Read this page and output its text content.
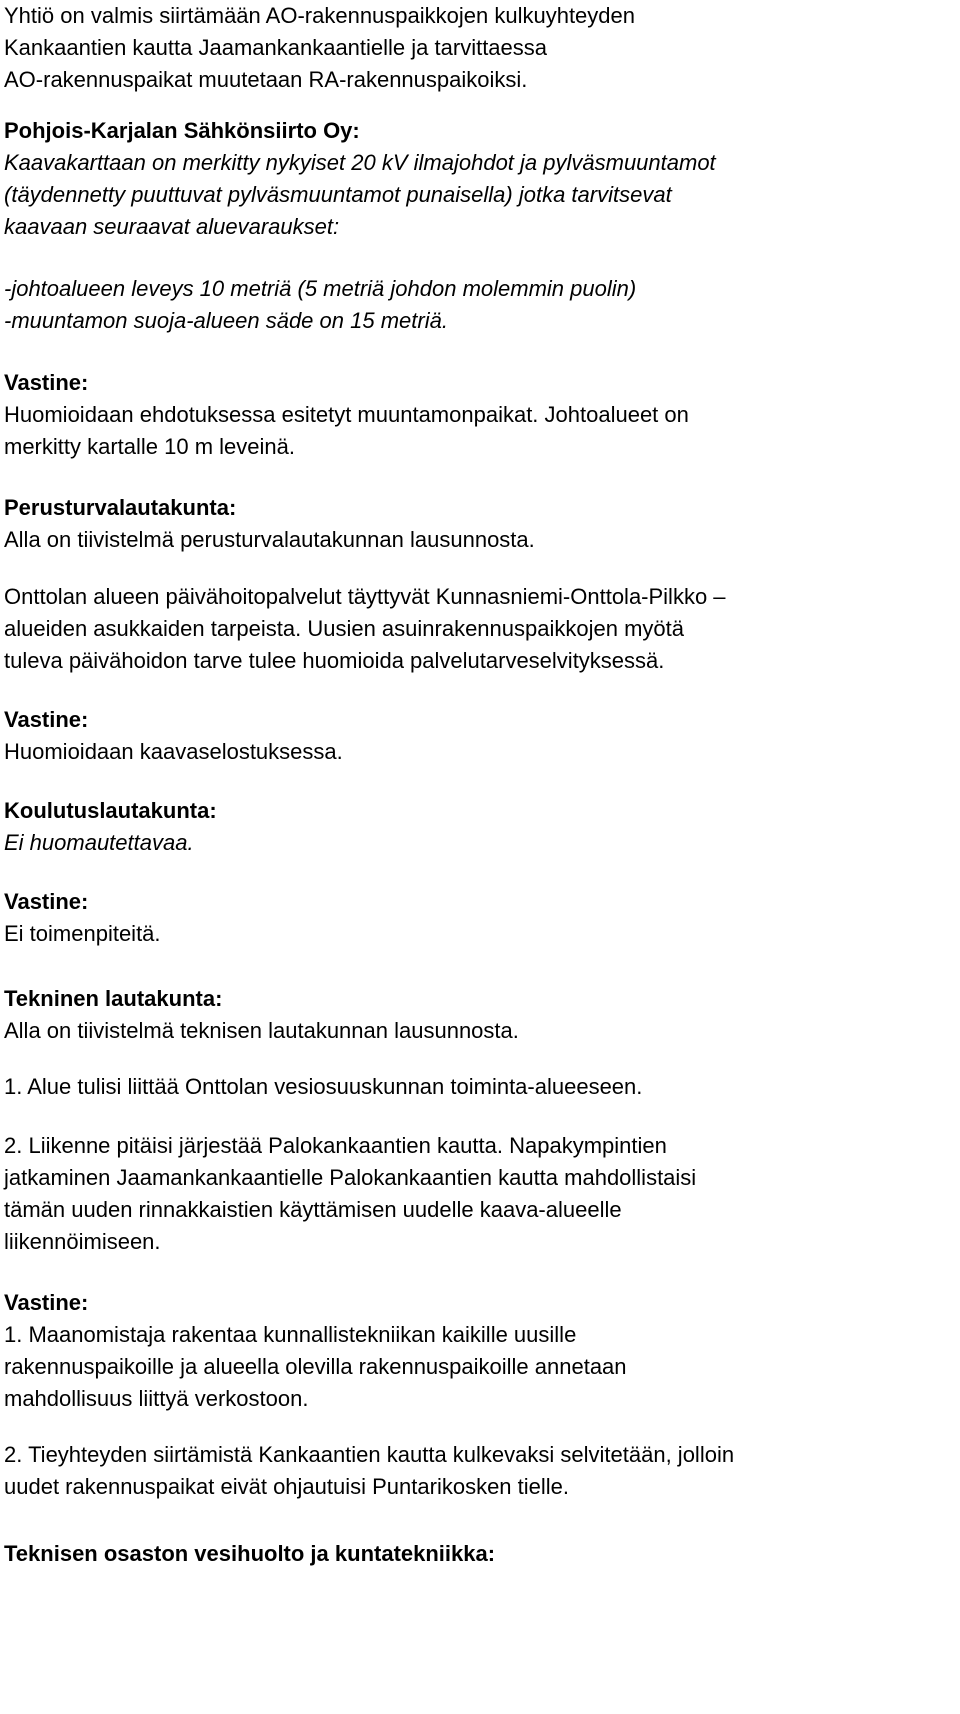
Yhtiö on valmis siirtämään AO-rakennuspaikkojen kulkuyhteyden
Kankaantien kautta Jaamankankaantielle ja tarvittaessa
AO-rakennuspaikat muutetaan RA-rakennuspaikoiksi.
Pohjois-Karjalan Sähkönsiirto Oy:
Kaavakarttaan on merkitty nykyiset 20 kV ilmajohdot ja pylväsmuuntamot
(täydennetty puuttuvat pylväsmuuntamot punaisella) jotka tarvitsevat
kaavaan seuraavat aluevaraukset:
-johtoalueen leveys 10 metriä (5 metriä johdon molemmin puolin)
-muuntamon suoja-alueen säde on 15 metriä.
Vastine:
Huomioidaan ehdotuksessa esitetyt muuntamonpaikat. Johtoalueet on
merkitty kartalle 10 m leveinä.
Perusturvalautakunta:
Alla on tiivistelmä perusturvalautakunnan lausunnosta.
Onttolan alueen päivähoitopalvelut täyttyvät Kunnasniemi-Onttola-Pilkko –
alueiden asukkaiden tarpeista. Uusien asuinrakennuspaikkojen myötä
tuleva päivähoidon tarve tulee huomioida palvelutarveselvityksessä.
Vastine:
Huomioidaan kaavaselostuksessa.
Koulutuslautakunta:
Ei huomautettavaa.
Vastine:
Ei toimenpiteitä.
Tekninen lautakunta:
Alla on tiivistelmä teknisen lautakunnan lausunnosta.
1. Alue tulisi liittää Onttolan vesiosuuskunnan toiminta-alueeseen.
2. Liikenne pitäisi järjestää Palokankaantien kautta. Napakympintien
jatkaminen Jaamankankaantielle Palokankaantien kautta mahdollistaisi
tämän uuden rinnakkaistien käyttämisen uudelle kaava-alueelle
liikennöimiseen.
Vastine:
1. Maanomistaja rakentaa kunnallistekniikan kaikille uusille
rakennuspaikoille ja alueella olevilla rakennuspaikoille annetaan
mahdollisuus liittyä verkostoon.
2. Tieyhteyden siirtämistä Kankaantien kautta kulkevaksi selvitetään, jolloin
uudet rakennuspaikat eivät ohjautuisi Puntarikosken tielle.
Teknisen osaston vesihuolto ja kuntatekniikka:
